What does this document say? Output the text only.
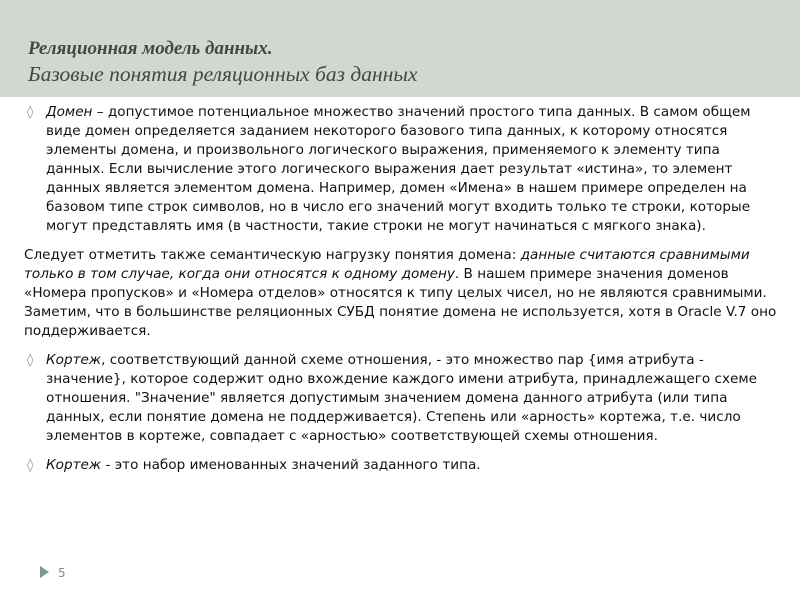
Реляционная модель данных.
Базовые понятия реляционных баз данных
◊ Домен – допустимое потенциальное множество значений простого типа данных. В самом общем виде домен определяется заданием некоторого базового типа данных, к которому относятся элементы домена, и произвольного логического выражения, применяемого к элементу типа данных. Если вычисление этого логического выражения дает результат «истина», то элемент данных является элементом домена. Например, домен «Имена» в нашем примере определен на базовом типе строк символов, но в число его значений могут входить только те строки, которые могут представлять имя (в частности, такие строки не могут начинаться с мягкого знака).
Следует отметить также семантическую нагрузку понятия домена: данные считаются сравнимыми только в том случае, когда они относятся к одному домену. В нашем примере значения доменов «Номера пропусков» и «Номера отделов» относятся к типу целых чисел, но не являются сравнимыми. Заметим, что в большинстве реляционных СУБД понятие домена не используется, хотя в Oracle V.7 оно поддерживается.
◊ Кортеж, соответствующий данной схеме отношения, - это множество пар {имя атрибута - значение}, которое содержит одно вхождение каждого имени атрибута, принадлежащего схеме отношения. "Значение" является допустимым значением домена данного атрибута (или типа данных, если понятие домена не поддерживается). Степень или «арность» кортежа, т.е. число элементов в кортеже, совпадает с «арностью» соответствующей схемы отношения.
◊ Кортеж - это набор именованных значений заданного типа.
5
